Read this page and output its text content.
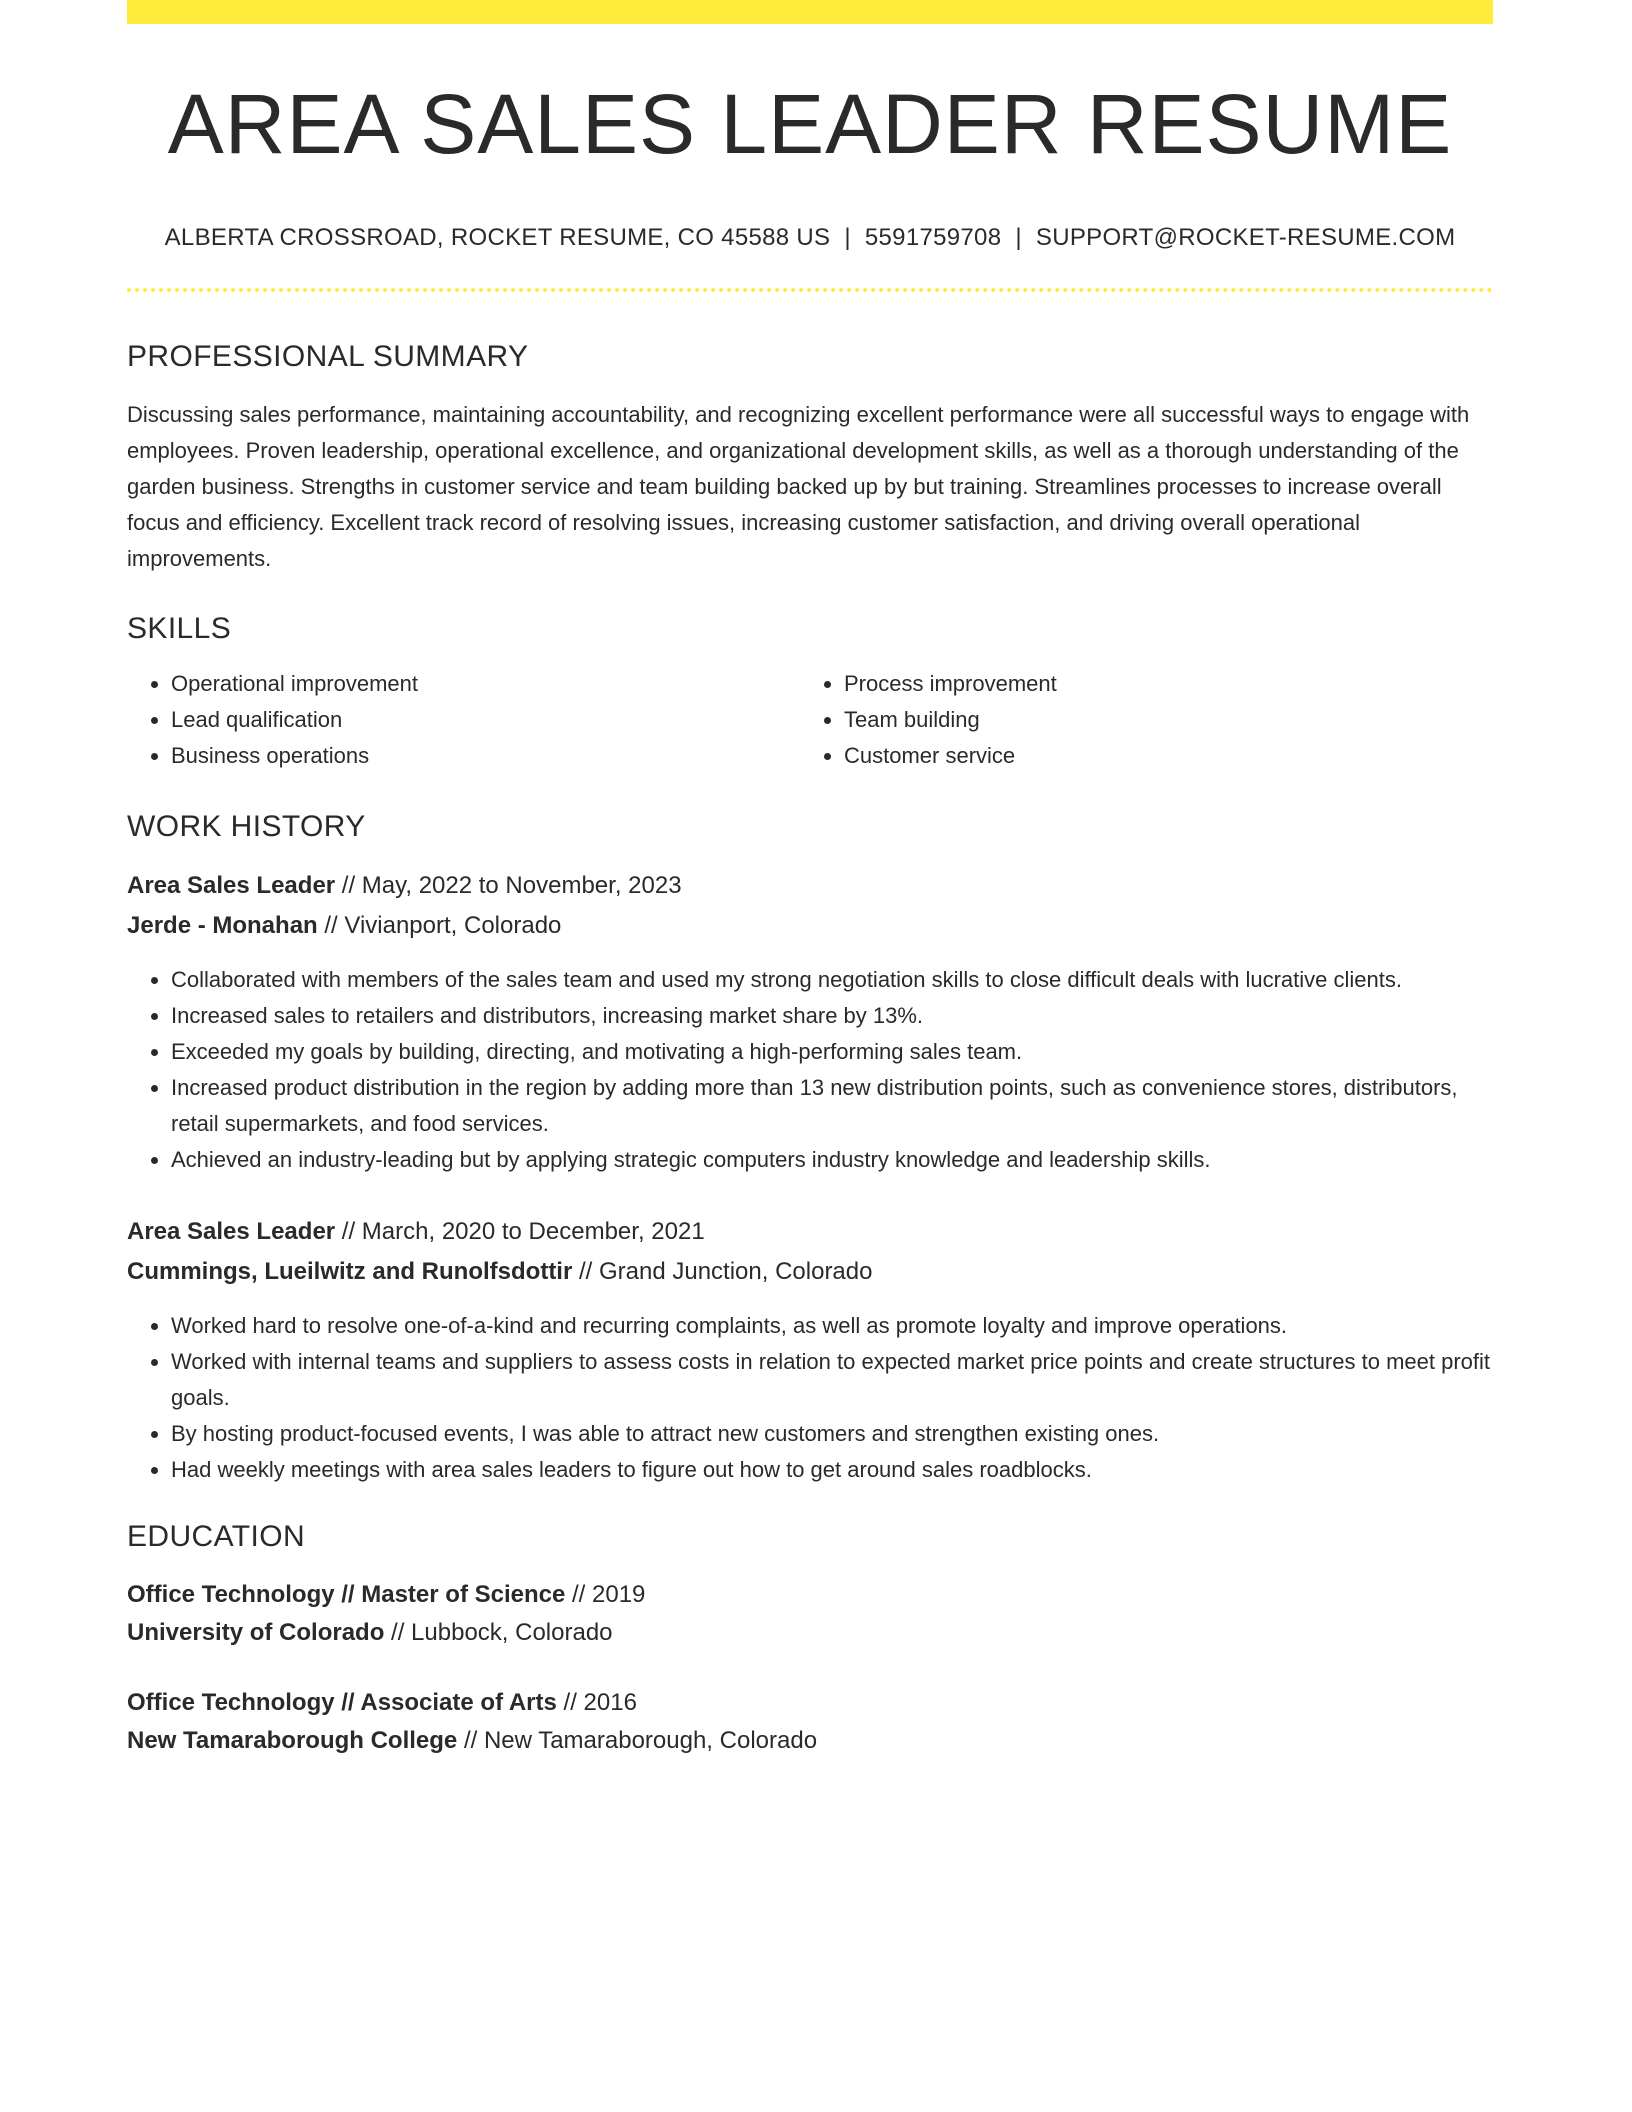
AREA SALES LEADER RESUME
ALBERTA CROSSROAD, ROCKET RESUME, CO 45588 US | 5591759708 | SUPPORT@ROCKET-RESUME.COM
PROFESSIONAL SUMMARY

Discussing sales performance, maintaining accountability, and recognizing excellent performance were all successful ways to engage with employees. Proven leadership, operational excellence, and organizational development skills, as well as a thorough understanding of the garden business. Strengths in customer service and team building backed up by but training. Streamlines processes to increase overall focus and efficiency. Excellent track record of resolving issues, increasing customer satisfaction, and driving overall operational improvements.

SKILLS
• Operational improvement
• Lead qualification
• Business operations
• Process improvement
• Team building
• Customer service
WORK HISTORY

Area Sales Leader // May, 2022 to November, 2023

Jerde - Monahan // Vivianport, Colorado

• Collaborated with members of the sales team and used my strong negotiation skills to close difficult deals with lucrative clients.
• Increased sales to retailers and distributors, increasing market share by 13%.
• Exceeded my goals by building, directing, and motivating a high-performing sales team.
• Increased product distribution in the region by adding more than 13 new distribution points, such as convenience stores, distributors, retail supermarkets, and food services.
• Achieved an industry-leading but by applying strategic computers industry knowledge and leadership skills.

Area Sales Leader // March, 2020 to December, 2021

Cummings, Lueilwitz and Runolfsdottir // Grand Junction, Colorado

• Worked hard to resolve one-of-a-kind and recurring complaints, as well as promote loyalty and improve operations.
• Worked with internal teams and suppliers to assess costs in relation to expected market price points and create structures to meet profit goals.
• By hosting product-focused events, I was able to attract new customers and strengthen existing ones.
• Had weekly meetings with area sales leaders to figure out how to get around sales roadblocks.
EDUCATION

Office Technology // Master of Science // 2019

University of Colorado // Lubbock, Colorado

Office Technology // Associate of Arts // 2016

New Tamaraborough College // New Tamaraborough, Colorado
